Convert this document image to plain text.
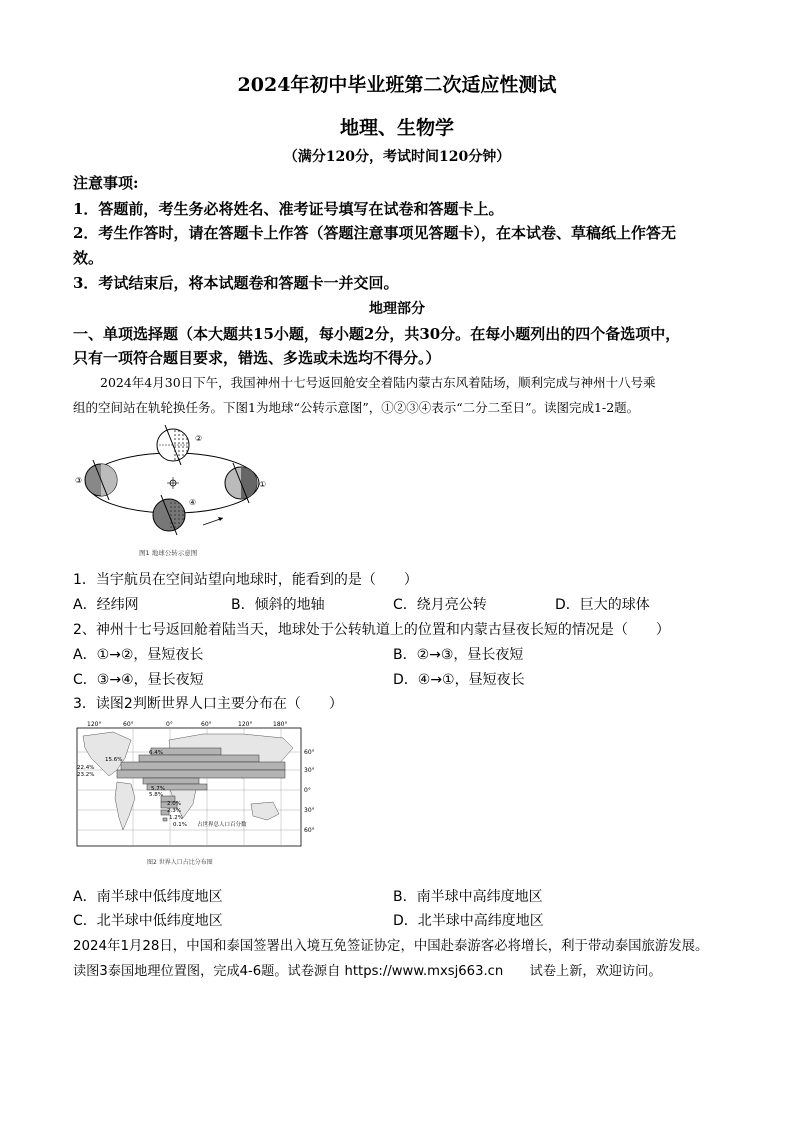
2024年初中毕业班第二次适应性测试
地理、生物学
（满分120分，考试时间120分钟）
注意事项:
1．答题前，考生务必将姓名、准考证号填写在试卷和答题卡上。
2．考生作答时，请在答题卡上作答（答题注意事项见答题卡），在本试卷、草稿纸上作答无
效。
3．考试结束后，将本试题卷和答题卡一并交回。
地理部分
一、单项选择题（本大题共15小题，每小题2分，共30分。在每小题列出的四个备选项中，
只有一项符合题目要求，错选、多选或未选均不得分。）
2024年4月30日下午，我国神州十七号返回舱安全着陆内蒙古东风着陆场，顺利完成与神州十八号乘
组的空间站在轨轮换任务。下图1为地球“公转示意图”，①②③④表示“二分二至日”。读图完成1-2题。
②
③	①
④
图1 地球公转示意图
1．当宇航员在空间站望向地球时，能看到的是（　　）
A．经纬网	B．倾斜的地轴	C．绕月亮公转	D．巨大的球体
2、神州十七号返回舱着陆当天，地球处于公转轨道上的位置和内蒙古昼夜长短的情况是（　　）
A．①→②，昼短夜长	B．②→③，昼长夜短
C．③→④，昼长夜短	D．④→①，昼短夜长
3．读图2判断世界人口主要分布在（　　）
120°	60°	0°	60°	120°	180°
60°
30°
0°
30°
60°
6.4%
15.6%
22.4%
23.2%
5.7%
5.8%
2.0%
2.3%
1.2%
0.1% 占世界总人口百分数
图2 世界人口占比分布图
A．南半球中低纬度地区	B．南半球中高纬度地区
C．北半球中低纬度地区	D．北半球中高纬度地区
2024年1月28日，中国和泰国签署出入境互免签证协定，中国赴泰游客必将增长，利于带动泰国旅游发展。
读图3泰国地理位置图，完成4-6题。试卷源自 https://www.mxsj663.cn　　试卷上新，欢迎访问。
